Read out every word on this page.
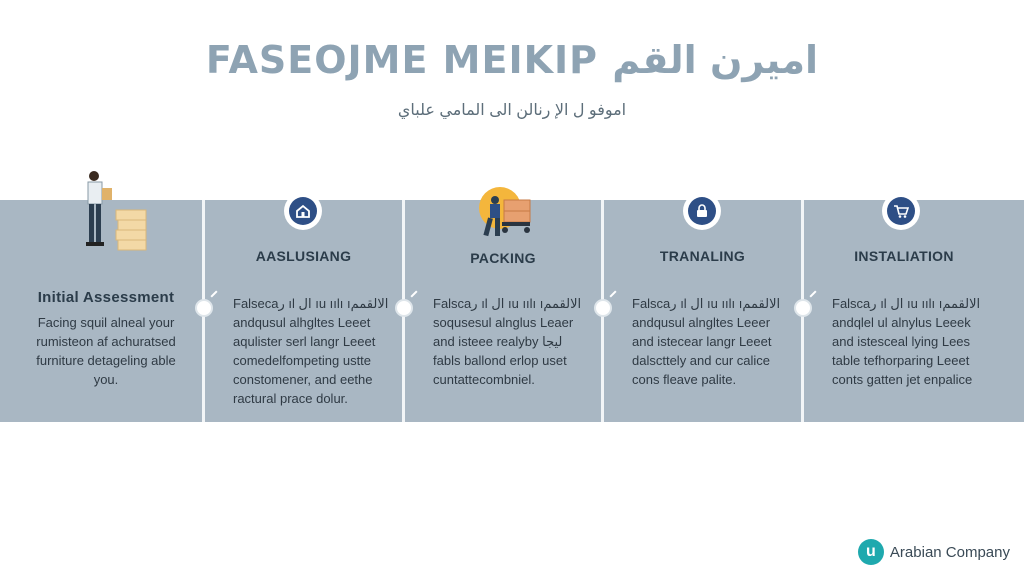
FASEOJME MEIKIP اميرن القم
اموفو ل الإ رنالن الى المامي علباي
Initial Assessment
AASLUSIANG	PACKING	TRANALING	INSTALIATION
Facing squil alneal your
rumisteon af achuratsed
furniture detageling able
you.
Falsecaر ıl ال ıu ıılı ıالالقمم
andqusul alhgltes Leeet
aqulister serl langr Leeet
comedelfompeting ustte
constomener, and eethe
ractural prace dolur.
Falscaر ıl ال ıu ıılı ıالالقمم
soqusesul alnglus Leaer
and isteee realyby ليجا
fabls ballond erlop uset
cuntattecombniel.
Falscaر ıl ال ıu ıılı ıالالقمم
andqusul alngltes Leeer
and istecear langr Leeet
dalscttely and cur calice
cons fleave palite.
Falscaر ıl ال ıu ıılı ıالالقمم
andqlel ul alnylus Leeek
and istesceal lying Lees
table tefhorparing Leeet
conts gatten jet enpalice
u Arabian Company
